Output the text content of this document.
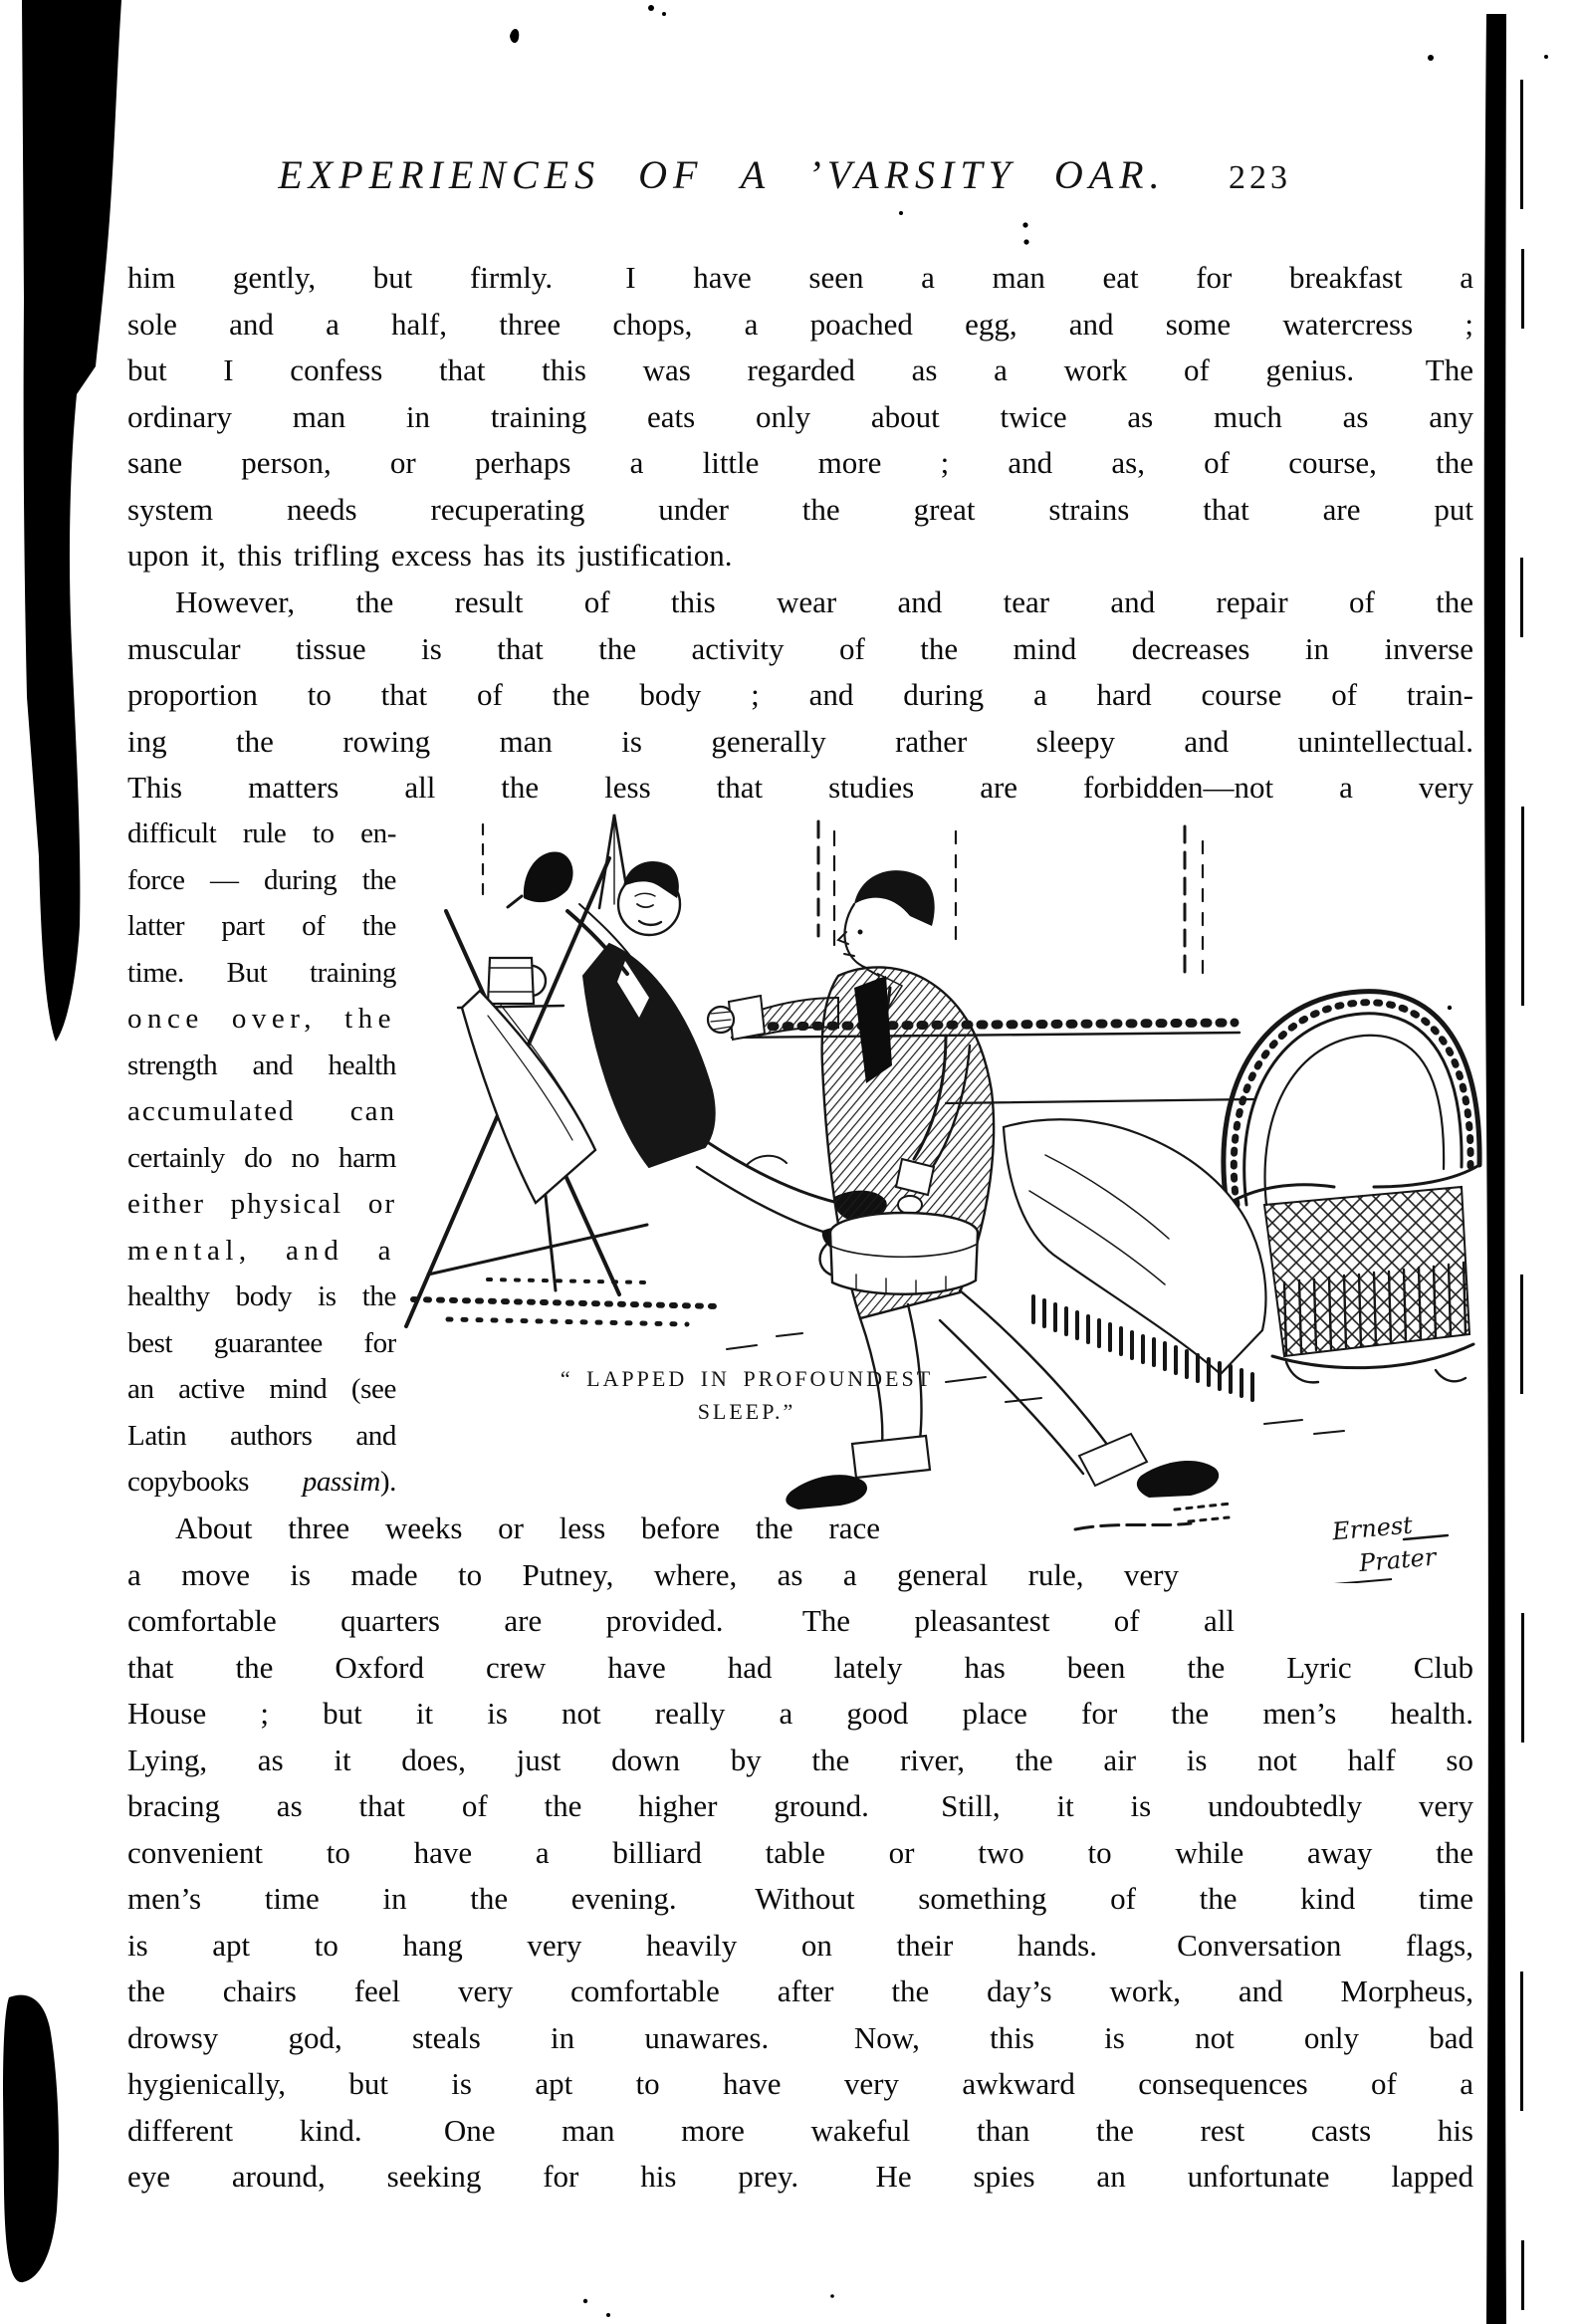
EXPERIENCES OF A ’VARSITY OAR.	223
him gently, but firmly.  I have seen a man eat for breakfast a
sole and a half, three chops, a poached egg, and some watercress ;
but I confess that this was regarded as a work of genius.  The
ordinary man in training eats only about twice as much as any
sane person, or perhaps a little more ; and as, of course, the
system needs recuperating under the great strains that are put
upon it, this trifling excess has its justification.
However, the result of this wear and tear and repair of the
muscular tissue is that the activity of the mind decreases in inverse
proportion to that of the body ; and during a hard course of train-
ing the rowing man is generally rather sleepy and unintellectual.
This matters all the less that studies are forbidden—not a very
difficult rule to en-
force — during the
latter part of the
time. But training
once over, the
strength and health
accumulated can
certainly do no harm
either physical or
mental, and a
healthy body is the
best guarantee for
an active mind (see
Latin authors and
copybooks passim).
About three weeks or less before the race
a move is made to Putney, where, as a general rule, very
comfortable quarters are provided.  The pleasantest of all
that the Oxford crew have had lately has been the Lyric Club
House ; but it is not really a good place for the men’s health.
Lying, as it does, just down by the river, the air is not half so
bracing as that of the higher ground.  Still, it is undoubtedly very
convenient to have a billiard table or two to while away the
men’s time in the evening.  Without something of the kind time
is apt to hang very heavily on their hands.  Conversation flags,
the chairs feel very comfortable after the day’s work, and Morpheus,
drowsy god, steals in unawares.  Now, this is not only bad
hygienically, but is apt to have very awkward consequences of a
different kind.  One man more wakeful than the rest casts his
eye around, seeking for his prey.  He spies an unfortunate lapped
Ernest
Prater
“ LAPPED IN PROFOUNDEST
SLEEP.”
